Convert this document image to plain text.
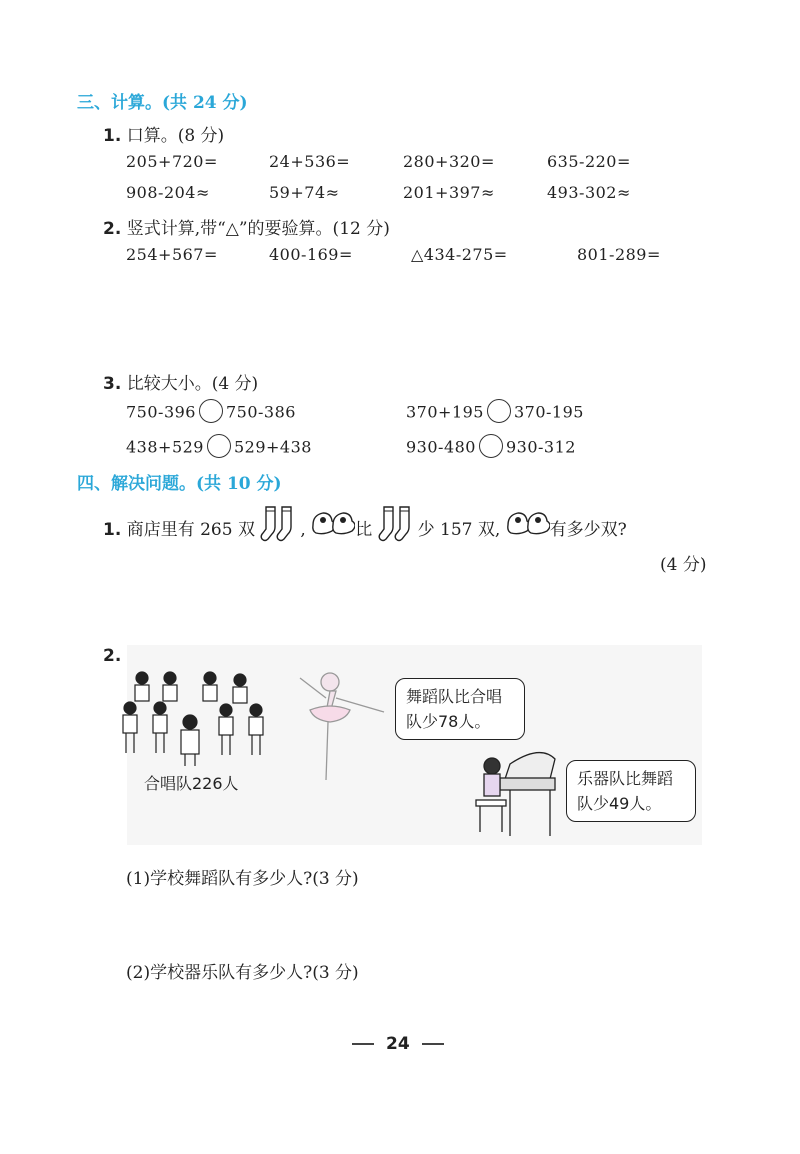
三、计算。(共 24 分)
1. 口算。(8 分)
205+720=	24+536=	280+320=	635-220=
908-204≈	59+74≈	201+397≈	493-302≈
2. 竖式计算,带“△”的要验算。(12 分)
254+567=	400-169=	△434-275=	801-289=
3. 比较大小。(4 分)
750-396 750-386	370+195 370-195
438+529 529+438	930-480 930-312
四、解决问题。(共 10 分)
1. 商店里有 265 双	,	比	少 157 双,	有多少双?
(4 分)
2.
合唱队226人
舞蹈队比合唱队少78人。
乐器队比舞蹈队少49人。
(1)学校舞蹈队有多少人?(3 分)
(2)学校器乐队有多少人?(3 分)
24
